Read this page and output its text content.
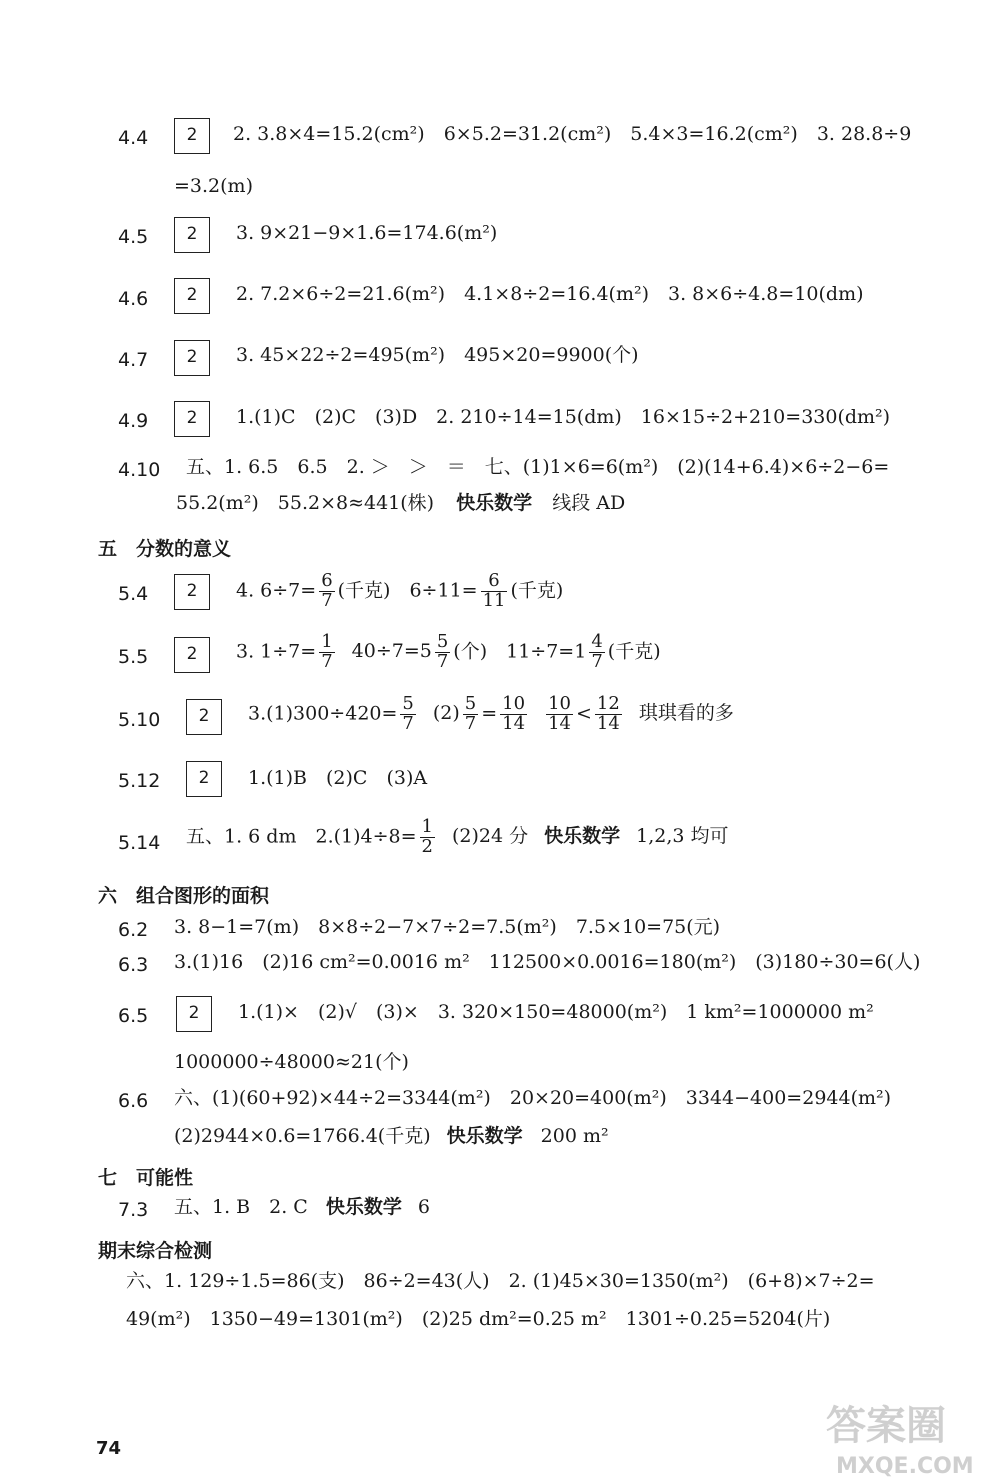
4.4	2	2. 3.8×4=15.2(cm²)　6×5.2=31.2(cm²)　5.4×3=16.2(cm²)　3. 28.8÷9
=3.2(m)
4.5	2	3. 9×21−9×1.6=174.6(m²)
4.6	2	2. 7.2×6÷2=21.6(m²)　4.1×8÷2=16.4(m²)　3. 8×6÷4.8=10(dm)
4.7	2	3. 45×22÷2=495(m²)　495×20=9900(个)
4.9	2	1.(1)C　(2)C　(3)D　2. 210÷14=15(dm)　16×15÷2+210=330(dm²)
4.10 五、1. 6.5　6.5　2. ＞　＞　＝　七、(1)1×6=6(m²)　(2)(14+6.4)×6÷2−6=
55.2(m²)　55.2×8≈441(株) 快乐数学 线段 AD
五　分数的意义
5.4	2	4. $6\div 7= \frac{6}{7}$ (千克)　$6\div 11= \frac{6}{11}$ (千克)
5.5	2	3. $1\div 7= \frac{1}{7} 40\div 7=5 \frac{5}{7}$ (个)　$11\div 7=1 \frac{4}{7}$ (千克)
5.10	2	$3.(1)300\div 420= \frac{5}{7} (2) \frac{5}{7} = \frac{10}{14} \frac{10}{14} < \frac{12}{14}$ 琪琪看的多
5.12	2	1.(1)B　(2)C　(3)A
5.14 五、1. 6 dm　$2.(1)4\div 8= \frac{1}{2} (2)24$ 分 快乐数学 1,2,3 均可
六　组合图形的面积
6.2 3. 8−1=7(m)　8×8÷2−7×7÷2=7.5(m²)　7.5×10=75(元)
6.3 3.(1)16　(2)16 cm²=0.0016 m²　112500×0.0016=180(m²)　(3)180÷30=6(人)
6.5	2	1.(1)×　(2)√　(3)×　3. 320×150=48000(m²)　1 km²=1000000 m²
1000000÷48000≈21(个)
6.6 六、(1)(60+92)×44÷2=3344(m²)　20×20=400(m²)　3344−400=2944(m²)
(2)2944×0.6=1766.4(千克) 快乐数学 200 m²
七　可能性
7.3 五、1. B　2. C 快乐数学 6
期末综合检测
六、1. 129÷1.5=86(支)　86÷2=43(人)　2. (1)45×30=1350(m²)　(6+8)×7÷2=
49(m²)　1350−49=1301(m²)　(2)25 dm²=0.25 m²　1301÷0.25=5204(片)
74	答案圈
MXQE.COM
